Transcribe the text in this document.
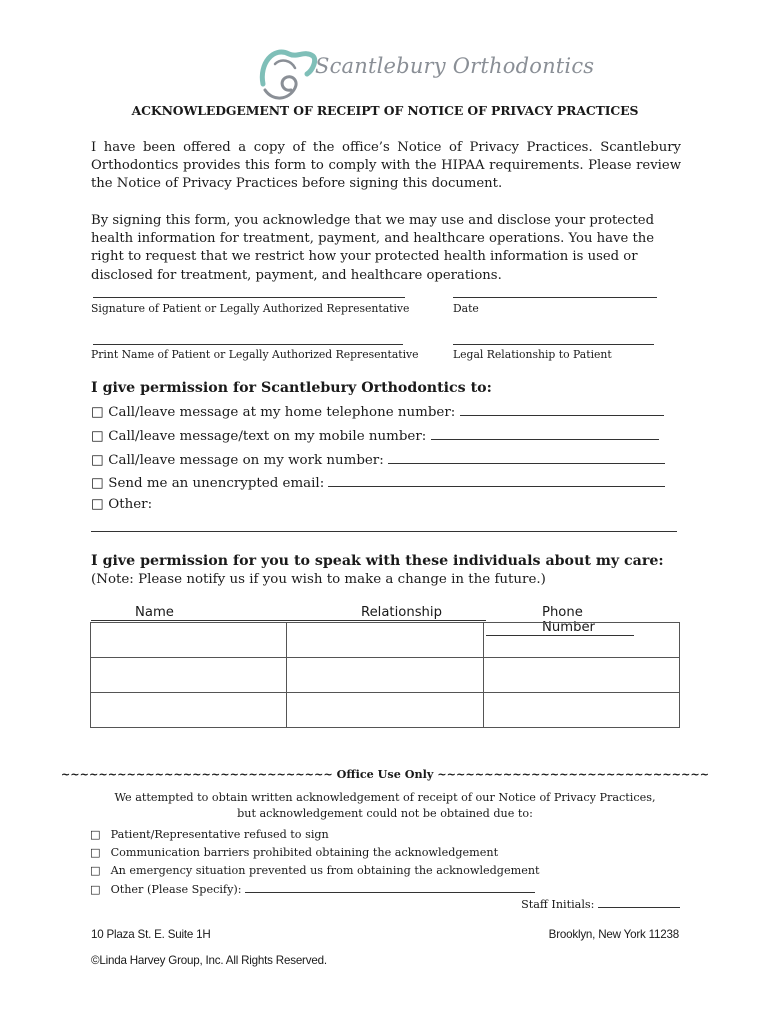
Scantlebury Orthodontics
ACKNOWLEDGEMENT OF RECEIPT OF NOTICE OF PRIVACY PRACTICES
I have been offered a copy of the office’s Notice of Privacy Practices. Scantlebury Orthodontics provides this form to comply with the HIPAA requirements. Please review the Notice of Privacy Practices before signing this document.
By signing this form, you acknowledge that we may use and disclose your protected health information for treatment, payment, and healthcare operations. You have the right to request that we restrict how your protected health information is used or disclosed for treatment, payment, and healthcare operations.
Signature of Patient or Legally Authorized Representative	Date
Print Name of Patient or Legally Authorized Representative	Legal Relationship to Patient
I give permission for Scantlebury Orthodontics to:
□ Call/leave message at my home telephone number:
□ Call/leave message/text on my mobile number:
□ Call/leave message on my work number:
□ Send me an unencrypted email:
□ Other:
I give permission for you to speak with these individuals about my care:
(Note: Please notify us if you wish to make a change in the future.)
Name	Relationship	Phone Number

~~~~~~~~~~~~~~~~~~~~~~~~~~~~~ Office Use Only ~~~~~~~~~~~~~~~~~~~~~~~~~~~~~
We attempted to obtain written acknowledgement of receipt of our Notice of Privacy Practices, but acknowledgement could not be obtained due to:
□ Patient/Representative refused to sign
□ Communication barriers prohibited obtaining the acknowledgement
□ An emergency situation prevented us from obtaining the acknowledgement
□ Other (Please Specify):
Staff Initials:
10 Plaza St. E. Suite 1H	Brooklyn, New York 11238
©Linda Harvey Group, Inc. All Rights Reserved.
